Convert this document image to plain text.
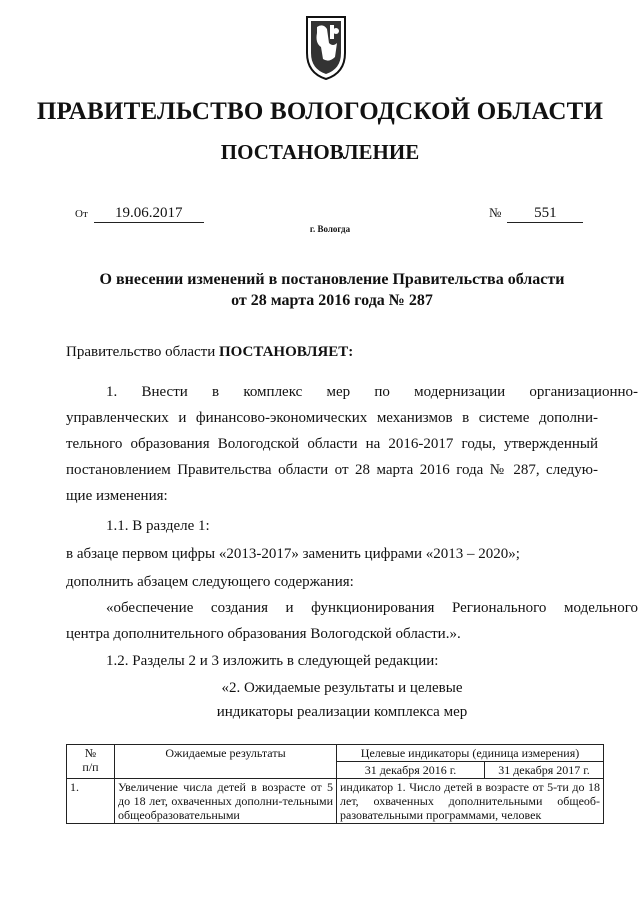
ПРАВИТЕЛЬСТВО ВОЛОГОДСКОЙ ОБЛАСТИ
ПОСТАНОВЛЕНИЕ
От 19.06.2017	№ 551
г. Вологда
О внесении изменений в постановление Правительства области
от 28 марта 2016 года № 287
Правительство области ПОСТАНОВЛЯЕТ:
1. Внести в комплекс мер по модернизации организационно-
управленческих и финансово-экономических механизмов в системе дополни-
тельного образования Вологодской области на 2016-2017 годы, утвержденный
постановлением Правительства области от 28 марта 2016 года № 287, следую-
щие изменения:
1.1. В разделе 1:
в абзаце первом цифры «2013-2017» заменить цифрами «2013 – 2020»;
дополнить абзацем следующего содержания:
«обеспечение создания и функционирования Регионального модельного
центра дополнительного образования Вологодской области.».
1.2. Разделы 2 и 3 изложить в следующей редакции:
«2. Ожидаемые результаты и целевые
индикаторы реализации комплекса мер
№
п/п	Ожидаемые результаты	Целевые индикаторы (единица измерения)	
		31 декабря 2016 г.	31 декабря 2017 г.
1.	Увеличение числа детей в возрасте от 5 до 18 лет, охваченных дополни-тельными общеобразовательными	индикатор 1. Число детей в возрасте от 5-ти до 18 лет, охваченных дополнительными общеоб-разовательными программами, человек	
